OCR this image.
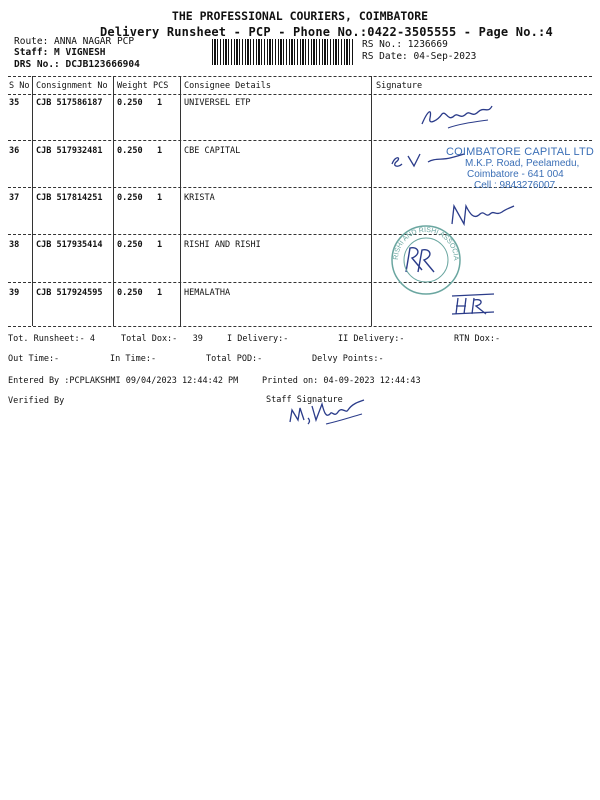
THE PROFESSIONAL COURIERS, COIMBATORE
Delivery Runsheet - PCP - Phone No.:0422-3505555 - Page No.:4
Route: ANNA NAGAR PCP
Staff: M VIGNESH
DRS No.: DCJB123666904
RS No.: 1236669
RS Date: 04-Sep-2023
S No Consignment No Weight PCS Consignee Details	Signature
35 CJB 517586187 0.250 1	UNIVERSEL ETP
36 CJB 517932481 0.250 1	CBE CAPITAL
37 CJB 517814251 0.250 1	KRISTA
38 CJB 517935414 0.250 1	RISHI AND RISHI
39 CJB 517924595 0.250 1	HEMALATHA
COIMBATORE CAPITAL LTD
M.K.P. Road, Peelamedu,
Coimbatore - 641 004
Cell : 9843276007
RISHI AND RISHI ASSOCIATES
Tot. Runsheet:- 4	Total Dox:-   39	I Delivery:-	II Delivery:-	RTN Dox:-
Out Time:-	In Time:-	Total POD:-	Delvy Points:-
Entered By :PCPLAKSHMI 09/04/2023 12:44:42 PM	Printed on: 04-09-2023 12:44:43
Verified By	Staff Signature
